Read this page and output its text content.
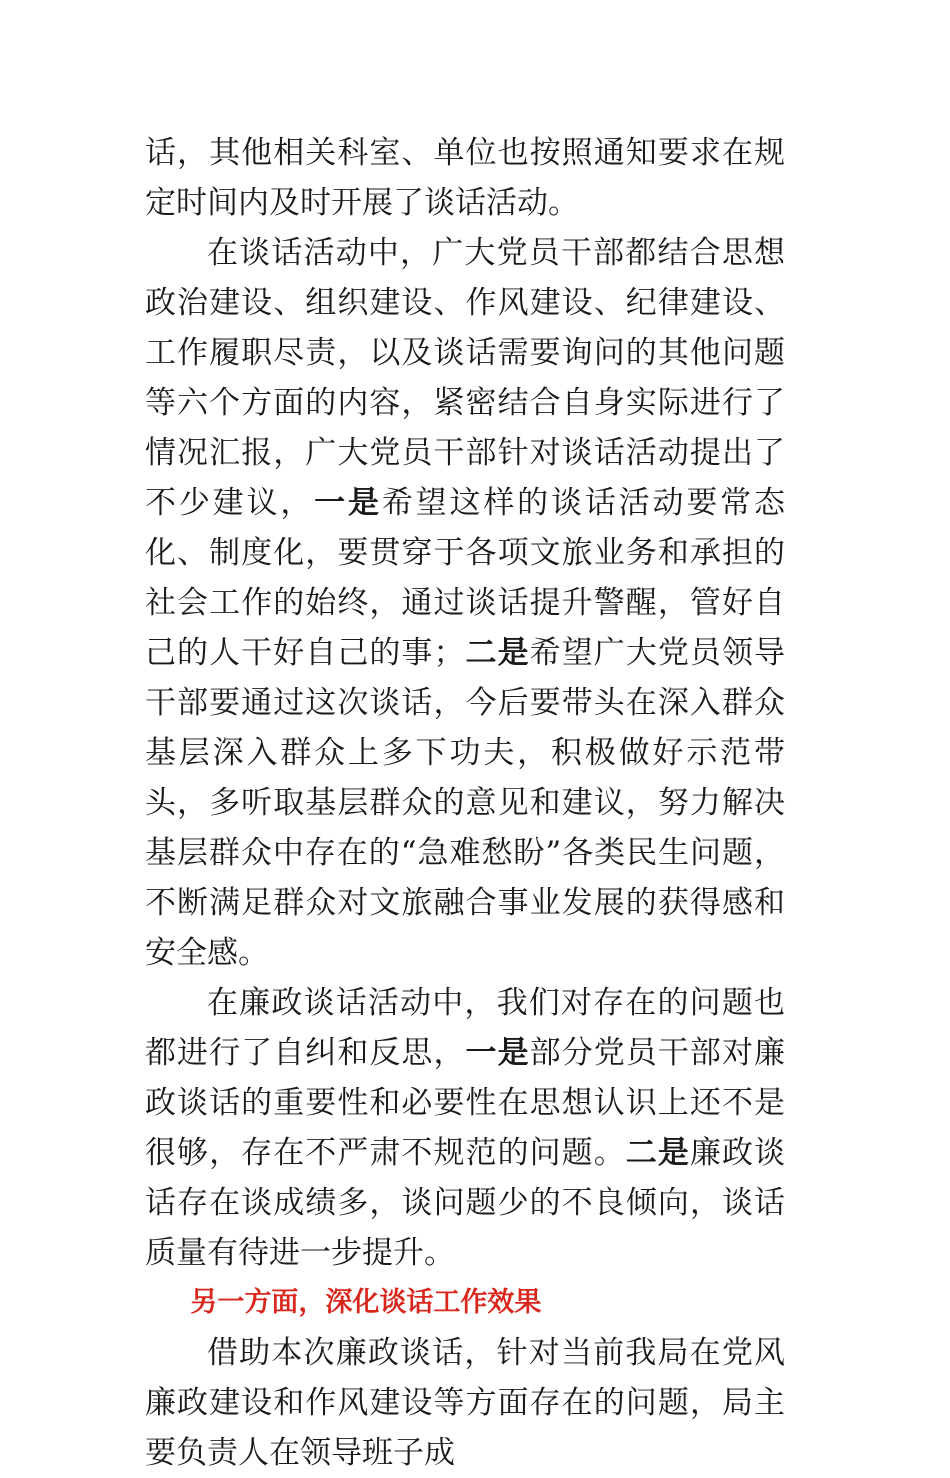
话，其他相关科室、单位也按照通知要求在规定时间内及时开展了谈话活动。

在谈话活动中，广大党员干部都结合思想政治建设、组织建设、作风建设、纪律建设、工作履职尽责，以及谈话需要询问的其他问题等六个方面的内容，紧密结合自身实际进行了情况汇报，广大党员干部针对谈话活动提出了不少建议，一是希望这样的谈话活动要常态化、制度化，要贯穿于各项文旅业务和承担的社会工作的始终，通过谈话提升警醒，管好自己的人干好自己的事；二是希望广大党员领导干部要通过这次谈话，今后要带头在深入群众基层深入群众上多下功夫，积极做好示范带头，多听取基层群众的意见和建议，努力解决基层群众中存在的“急难愁盼”各类民生问题，不断满足群众对文旅融合事业发展的获得感和安全感。

在廉政谈话活动中，我们对存在的问题也都进行了自纠和反思，一是部分党员干部对廉政谈话的重要性和必要性在思想认识上还不是很够，存在不严肃不规范的问题。二是廉政谈话存在谈成绩多，谈问题少的不良倾向，谈话质量有待进一步提升。

另一方面，深化谈话工作效果

借助本次廉政谈话，针对当前我局在党风廉政建设和作风建设等方面存在的问题，局主要负责人在领导班子成
